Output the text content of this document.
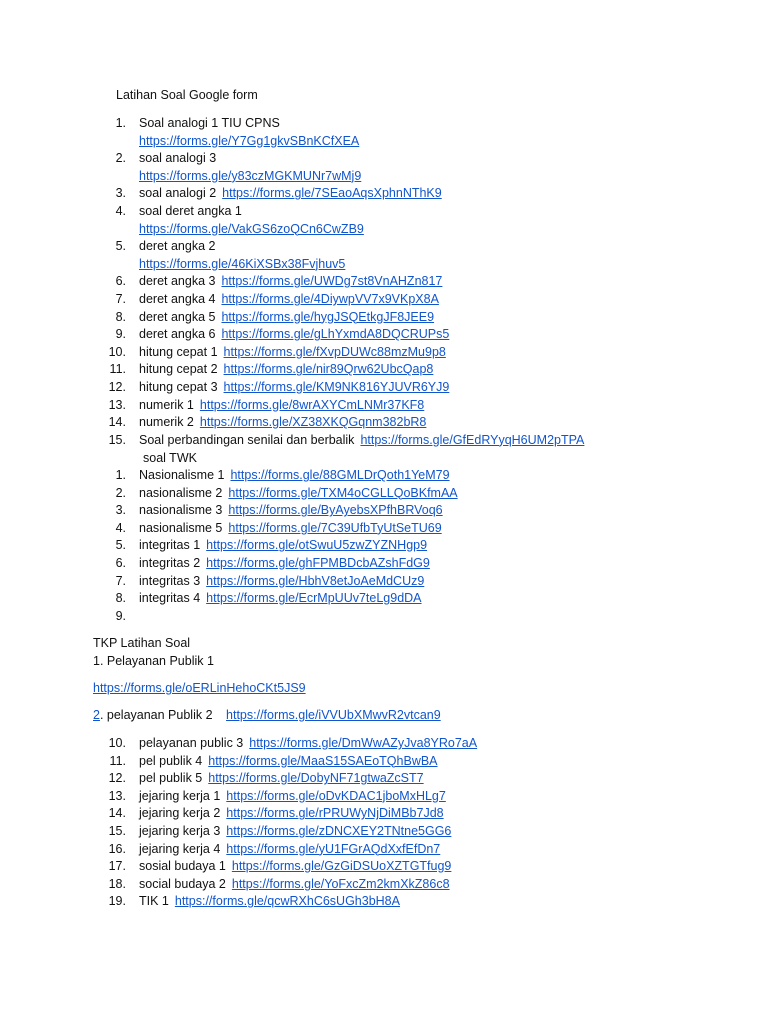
Latihan Soal Google form
1. Soal analogi 1 TIU CPNS
https://forms.gle/Y7Gg1gkvSBnKCfXEA
2. soal analogi 3
https://forms.gle/y83czMGKMUNr7wMj9
3. soal analogi 2 https://forms.gle/7SEaoAqsXphnNThK9
4. soal deret angka 1
https://forms.gle/VakGS6zoQCn6CwZB9
5. deret angka 2
https://forms.gle/46KiXSBx38Fvjhuv5
6. deret angka 3 https://forms.gle/UWDg7st8VnAHZn817
7. deret angka 4 https://forms.gle/4DiywpVV7x9VKpX8A
8. deret angka 5 https://forms.gle/hygJSQEtkgJF8JEE9
9. deret angka 6 https://forms.gle/gLhYxmdA8DQCRUPs5
10. hitung cepat 1 https://forms.gle/fXvpDUWc88mzMu9p8
11. hitung cepat 2 https://forms.gle/nir89Qrw62UbcQap8
12. hitung cepat 3 https://forms.gle/KM9NK816YJUVR6YJ9
13. numerik 1 https://forms.gle/8wrAXYCmLNMr37KF8
14. numerik 2 https://forms.gle/XZ38XKQGqnm382bR8
15. Soal perbandingan senilai dan berbalik https://forms.gle/GfEdRYyqH6UM2pTPA
soal TWK
1. Nasionalisme 1 https://forms.gle/88GMLDrQoth1YeM79
2. nasionalisme 2 https://forms.gle/TXM4oCGLLQoBKfmAA
3. nasionalisme 3 https://forms.gle/ByAyebsXPfhBRVoq6
4. nasionalisme 5 https://forms.gle/7C39UfbTyUtSeTU69
5. integritas 1 https://forms.gle/otSwuU5zwZYZNHgp9
6. integritas 2 https://forms.gle/ghFPMBDcbAZshFdG9
7. integritas 3 https://forms.gle/HbhV8etJoAeMdCUz9
8. integritas 4 https://forms.gle/EcrMpUUv7teLg9dDA
9.
TKP Latihan Soal
1. Pelayanan Publik 1
https://forms.gle/oERLinHehoCKt5JS9
2. pelayanan Publik 2 https://forms.gle/iVVUbXMwvR2vtcan9
10. pelayanan public 3 https://forms.gle/DmWwAZyJva8YRo7aA
11. pel publik 4 https://forms.gle/MaaS15SAEoTQhBwBA
12. pel publik 5 https://forms.gle/DobyNF71gtwaZcST7
13. jejaring kerja 1 https://forms.gle/oDvKDAC1jboMxHLg7
14. jejaring kerja 2 https://forms.gle/rPRUWyNjDiMBb7Jd8
15. jejaring kerja 3 https://forms.gle/zDNCXEY2TNtne5GG6
16. jejaring kerja 4 https://forms.gle/yU1FGrAQdXxfEfDn7
17. sosial budaya 1 https://forms.gle/GzGiDSUoXZTGTfug9
18. social budaya 2 https://forms.gle/YoFxcZm2kmXkZ86c8
19. TIK 1 https://forms.gle/qcwRXhC6sUGh3bH8A
